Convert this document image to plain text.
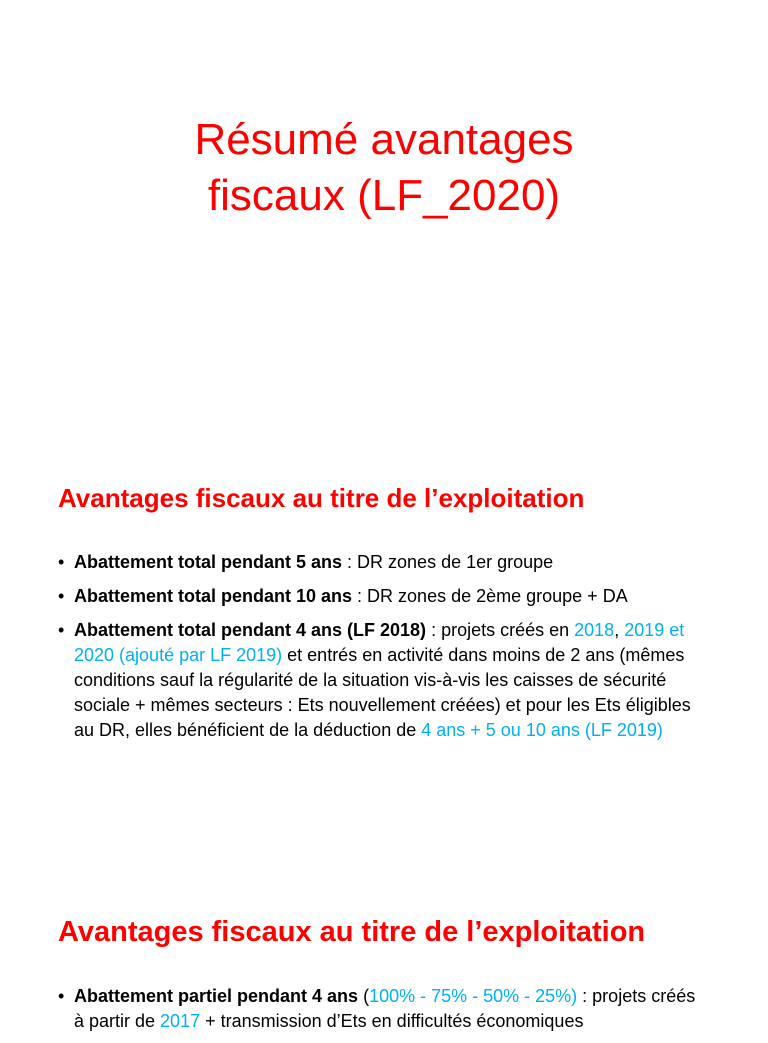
Résumé avantages
fiscaux (LF_2020)
Avantages fiscaux au titre de l’exploitation
• Abattement total pendant 5 ans : DR zones de 1er groupe
• Abattement total pendant 10 ans : DR zones de 2ème groupe + DA
• Abattement total pendant 4 ans (LF 2018) : projets créés en 2018, 2019 et 2020 (ajouté par LF 2019) et entrés en activité dans moins de 2 ans (mêmes conditions sauf la régularité de la situation vis-à-vis les caisses de sécurité sociale + mêmes secteurs : Ets nouvellement créées) et pour les Ets éligibles au DR, elles bénéficient de la déduction de 4 ans + 5 ou 10 ans (LF 2019)
Avantages fiscaux au titre de l’exploitation
• Abattement partiel pendant 4 ans (100% - 75% - 50% - 25%) : projets créés à partir de 2017 + transmission d’Ets en difficultés économiques
